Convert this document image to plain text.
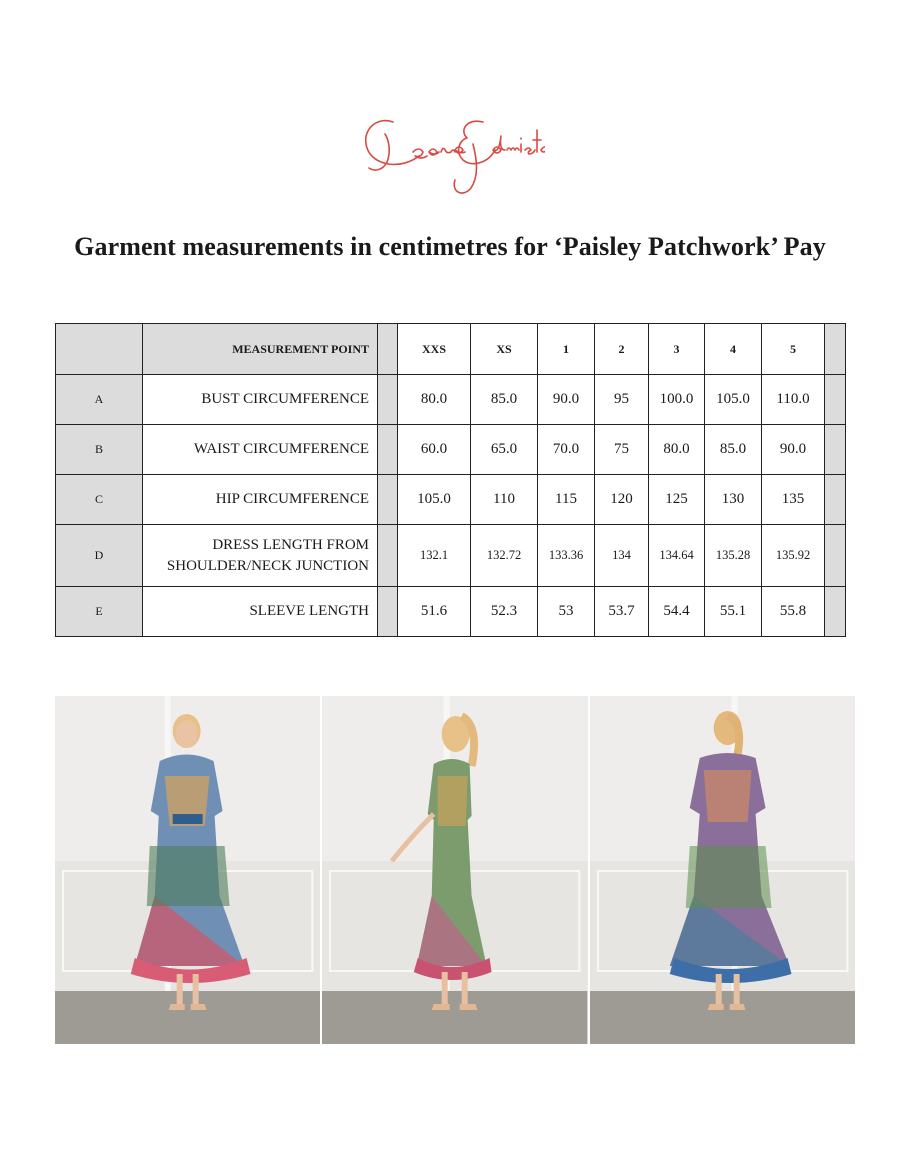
Garment measurements in centimetres for ‘Paisley Patchwork’ Pay
	MEASUREMENT POINT		XXS	XS	1	2	3	4	5	
A	BUST CIRCUMFERENCE		80.0	85.0	90.0	95	100.0	105.0	110.0	
B	WAIST CIRCUMFERENCE		60.0	65.0	70.0	75	80.0	85.0	90.0	
C	HIP CIRCUMFERENCE		105.0	110	115	120	125	130	135	
D	DRESS LENGTH FROM
SHOULDER/NECK JUNCTION		132.1	132.72	133.36	134	134.64	135.28	135.92	
E	SLEEVE LENGTH		51.6	52.3	53	53.7	54.4	55.1	55.8	
